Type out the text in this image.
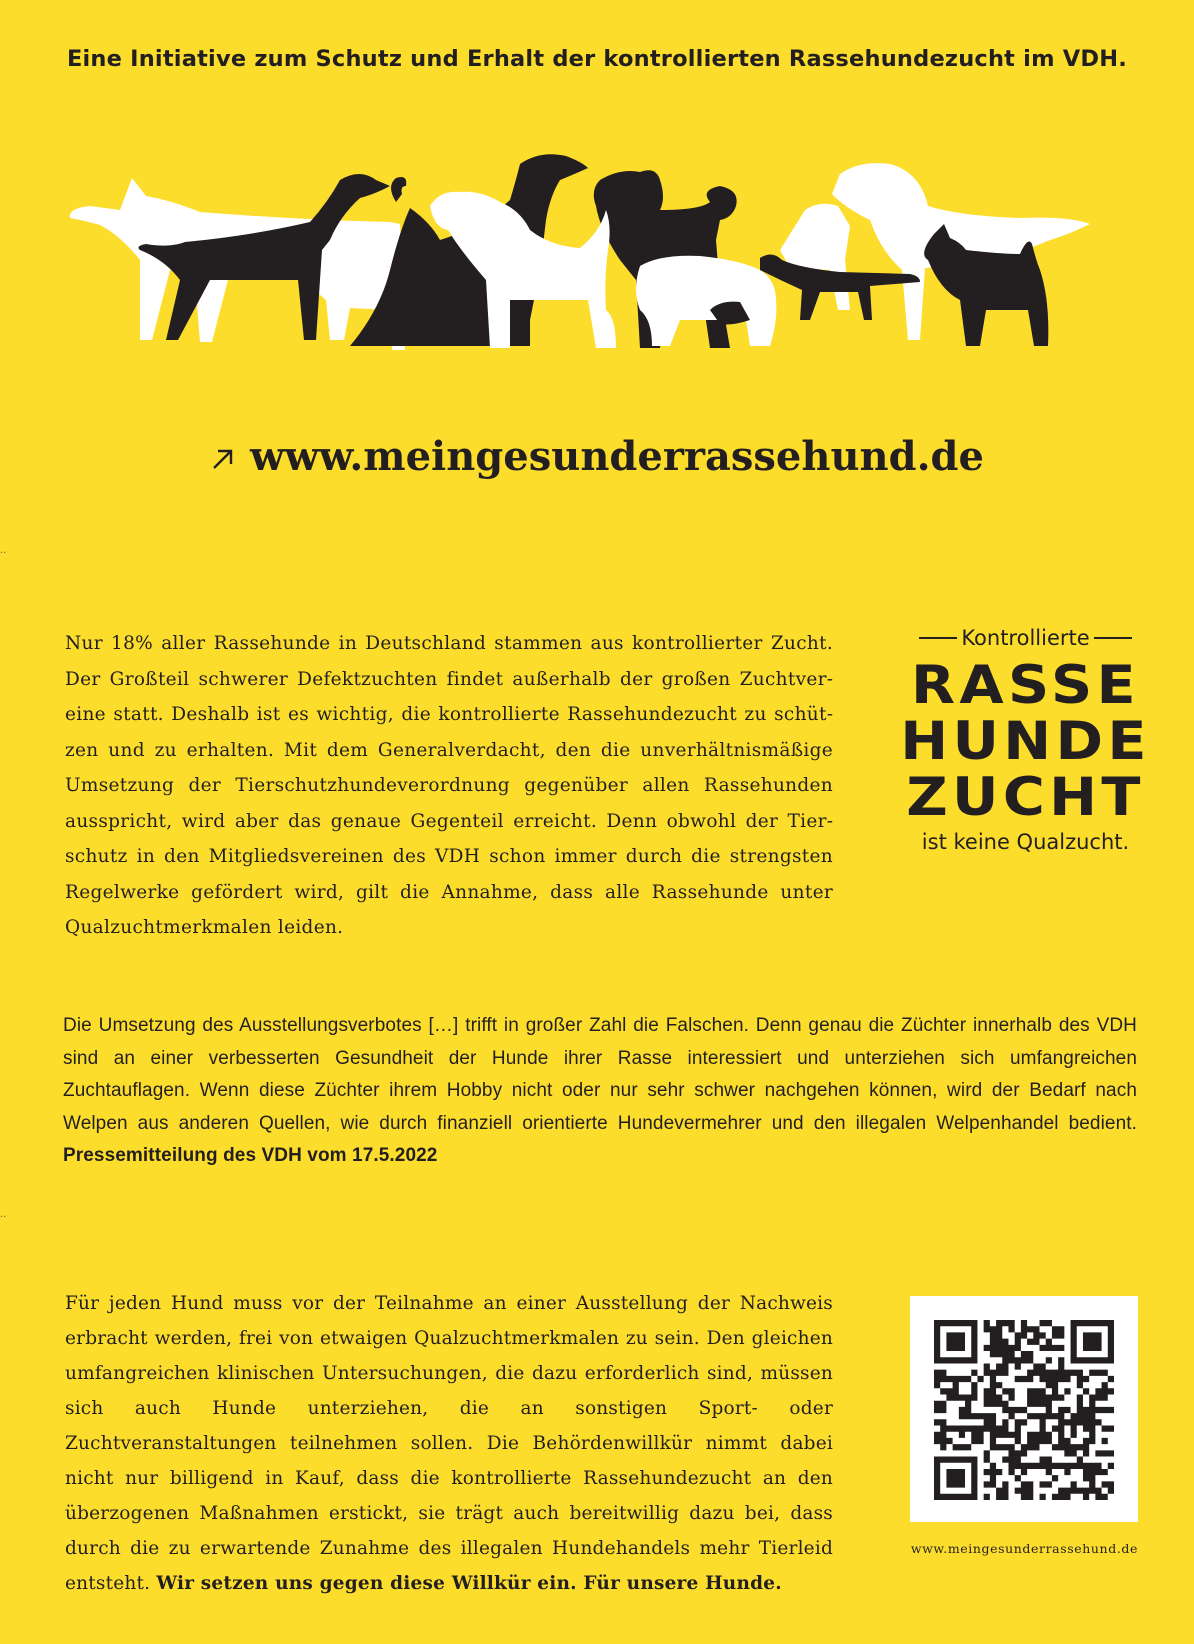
Eine Initiative zum Schutz und Erhalt der kontrollierten Rassehundezucht im VDH.
www.meingesunderrassehund.de
..
..
Nur 18% aller Rassehunde in Deutschland stammen aus kontrollierter Zucht. Der Großteil schwerer Defektzuchten findet außerhalb der großen Zuchtvereine statt. Deshalb ist es wichtig, die kontrollierte Rassehundezucht zu schützen und zu erhalten. Mit dem Generalverdacht, den die unverhältnismäßige Umsetzung der Tierschutzhundeverordnung gegenüber allen Rassehunden ausspricht, wird aber das genaue Gegenteil erreicht. Denn obwohl der Tierschutz in den Mitgliedsvereinen des VDH schon immer durch die strengsten Regelwerke gefördert wird, gilt die Annahme, dass alle Rassehunde unter Qualzuchtmerkmalen leiden.
Kontrollierte
RASSE
HUNDE
ZUCHT
ist keine Qualzucht.
Die Umsetzung des Ausstellungsverbotes […] trifft in großer Zahl die Falschen. Denn genau die Züchter innerhalb des VDH sind an einer verbesserten Gesundheit der Hunde ihrer Rasse interessiert und unterziehen sich umfangreichen Zuchtauflagen. Wenn diese Züchter ihrem Hobby nicht oder nur sehr schwer nachgehen können, wird der Bedarf nach Welpen aus anderen Quellen, wie durch finanziell orientierte Hundevermehrer und den illegalen Welpenhandel bedient. Pressemitteilung des VDH vom 17.5.2022
Für jeden Hund muss vor der Teilnahme an einer Ausstellung der Nachweis erbracht werden, frei von etwaigen Qualzuchtmerkmalen zu sein. Den gleichen umfangreichen klinischen Untersuchungen, die dazu erforderlich sind, müssen sich auch Hunde unterziehen, die an sonstigen Sport- oder Zuchtveranstaltungen teilnehmen sollen. Die Behördenwillkür nimmt dabei nicht nur billigend in Kauf, dass die kontrollierte Rassehundezucht an den überzogenen Maßnahmen erstickt, sie trägt auch bereitwillig dazu bei, dass durch die zu erwartende Zunahme des illegalen Hundehandels mehr Tierleid entsteht. Wir setzen uns gegen diese Willkür ein. Für unsere Hunde.
www.meingesunderrassehund.de
